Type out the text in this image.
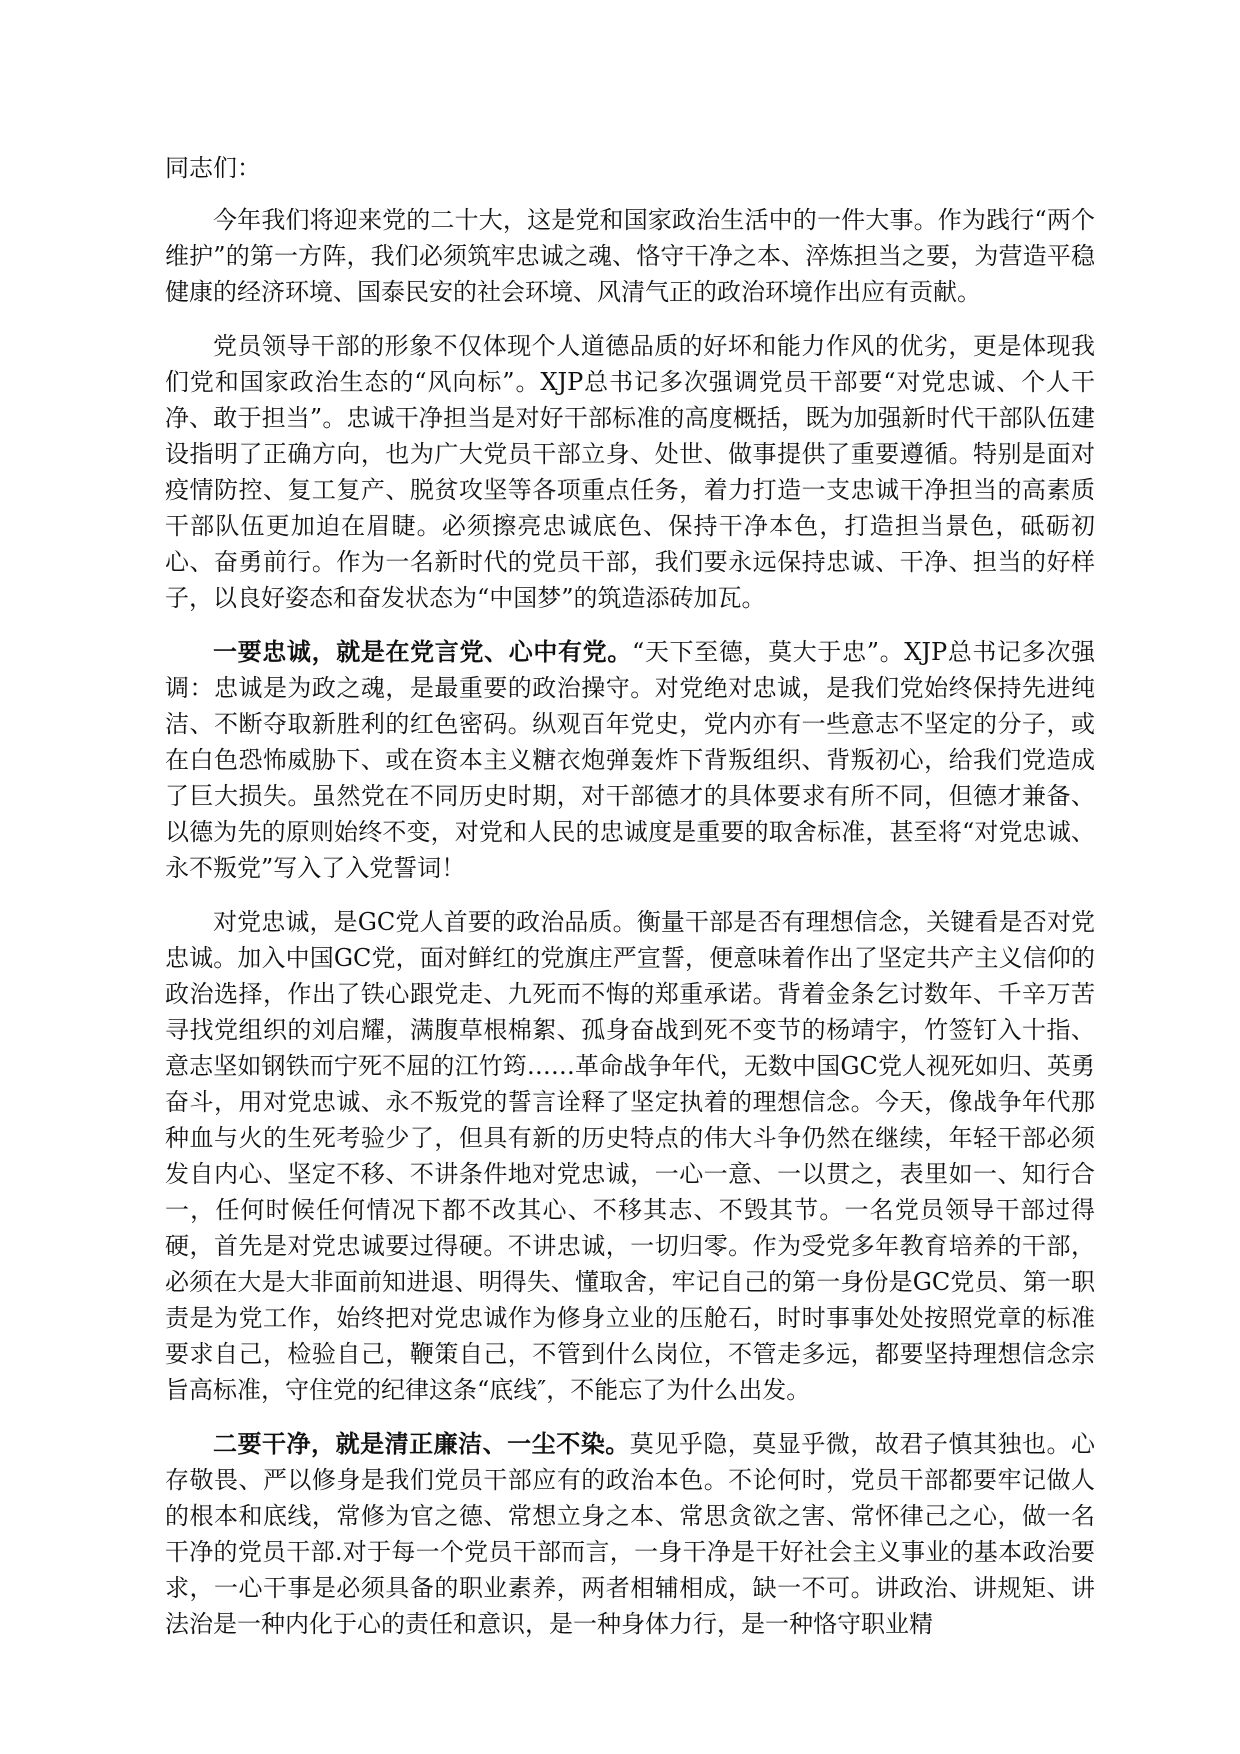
同志们：

今年我们将迎来党的二十大，这是党和国家政治生活中的一件大事。作为践行“两个维护”的第一方阵，我们必须筑牢忠诚之魂、恪守干净之本、淬炼担当之要，为营造平稳健康的经济环境、国泰民安的社会环境、风清气正的政治环境作出应有贡献。

党员领导干部的形象不仅体现个人道德品质的好坏和能力作风的优劣，更是体现我们党和国家政治生态的“风向标”。XJP总书记多次强调党员干部要“对党忠诚、个人干净、敢于担当”。忠诚干净担当是对好干部标准的高度概括，既为加强新时代干部队伍建设指明了正确方向，也为广大党员干部立身、处世、做事提供了重要遵循。特别是面对疫情防控、复工复产、脱贫攻坚等各项重点任务，着力打造一支忠诚干净担当的高素质干部队伍更加迫在眉睫。必须擦亮忠诚底色、保持干净本色，打造担当景色，砥砺初心、奋勇前行。作为一名新时代的党员干部，我们要永远保持忠诚、干净、担当的好样子，以良好姿态和奋发状态为“中国梦”的筑造添砖加瓦。

一要忠诚，就是在党言党、心中有党。“天下至德，莫大于忠”。XJP总书记多次强调：忠诚是为政之魂，是最重要的政治操守。对党绝对忠诚，是我们党始终保持先进纯洁、不断夺取新胜利的红色密码。纵观百年党史，党内亦有一些意志不坚定的分子，或在白色恐怖威胁下、或在资本主义糖衣炮弹轰炸下背叛组织、背叛初心，给我们党造成了巨大损失。虽然党在不同历史时期，对干部德才的具体要求有所不同，但德才兼备、以德为先的原则始终不变，对党和人民的忠诚度是重要的取舍标准，甚至将“对党忠诚、永不叛党”写入了入党誓词！

对党忠诚，是GC党人首要的政治品质。衡量干部是否有理想信念，关键看是否对党忠诚。加入中国GC党，面对鲜红的党旗庄严宣誓，便意味着作出了坚定共产主义信仰的政治选择，作出了铁心跟党走、九死而不悔的郑重承诺。背着金条乞讨数年、千辛万苦寻找党组织的刘启耀，满腹草根棉絮、孤身奋战到死不变节的杨靖宇，竹签钉入十指、意志坚如钢铁而宁死不屈的江竹筠……革命战争年代，无数中国GC党人视死如归、英勇奋斗，用对党忠诚、永不叛党的誓言诠释了坚定执着的理想信念。今天，像战争年代那种血与火的生死考验少了，但具有新的历史特点的伟大斗争仍然在继续，年轻干部必须发自内心、坚定不移、不讲条件地对党忠诚，一心一意、一以贯之，表里如一、知行合一，任何时候任何情况下都不改其心、不移其志、不毁其节。一名党员领导干部过得硬，首先是对党忠诚要过得硬。不讲忠诚，一切归零。作为受党多年教育培养的干部，必须在大是大非面前知进退、明得失、懂取舍，牢记自己的第一身份是GC党员、第一职责是为党工作，始终把对党忠诚作为修身立业的压舱石，时时事事处处按照党章的标准要求自己，检验自己，鞭策自己，不管到什么岗位，不管走多远，都要坚持理想信念宗旨高标准，守住党的纪律这条“底线″，不能忘了为什么出发。

二要干净，就是清正廉洁、一尘不染。莫见乎隐，莫显乎微，故君子慎其独也。心存敬畏、严以修身是我们党员干部应有的政治本色。不论何时，党员干部都要牢记做人的根本和底线，常修为官之德、常想立身之本、常思贪欲之害、常怀律己之心，做一名干净的党员干部.对于每一个党员干部而言，一身干净是干好社会主义事业的基本政治要求，一心干事是必须具备的职业素养，两者相辅相成，缺一不可。讲政治、讲规矩、讲法治是一种内化于心的责任和意识，是一种身体力行，是一种恪守职业精
